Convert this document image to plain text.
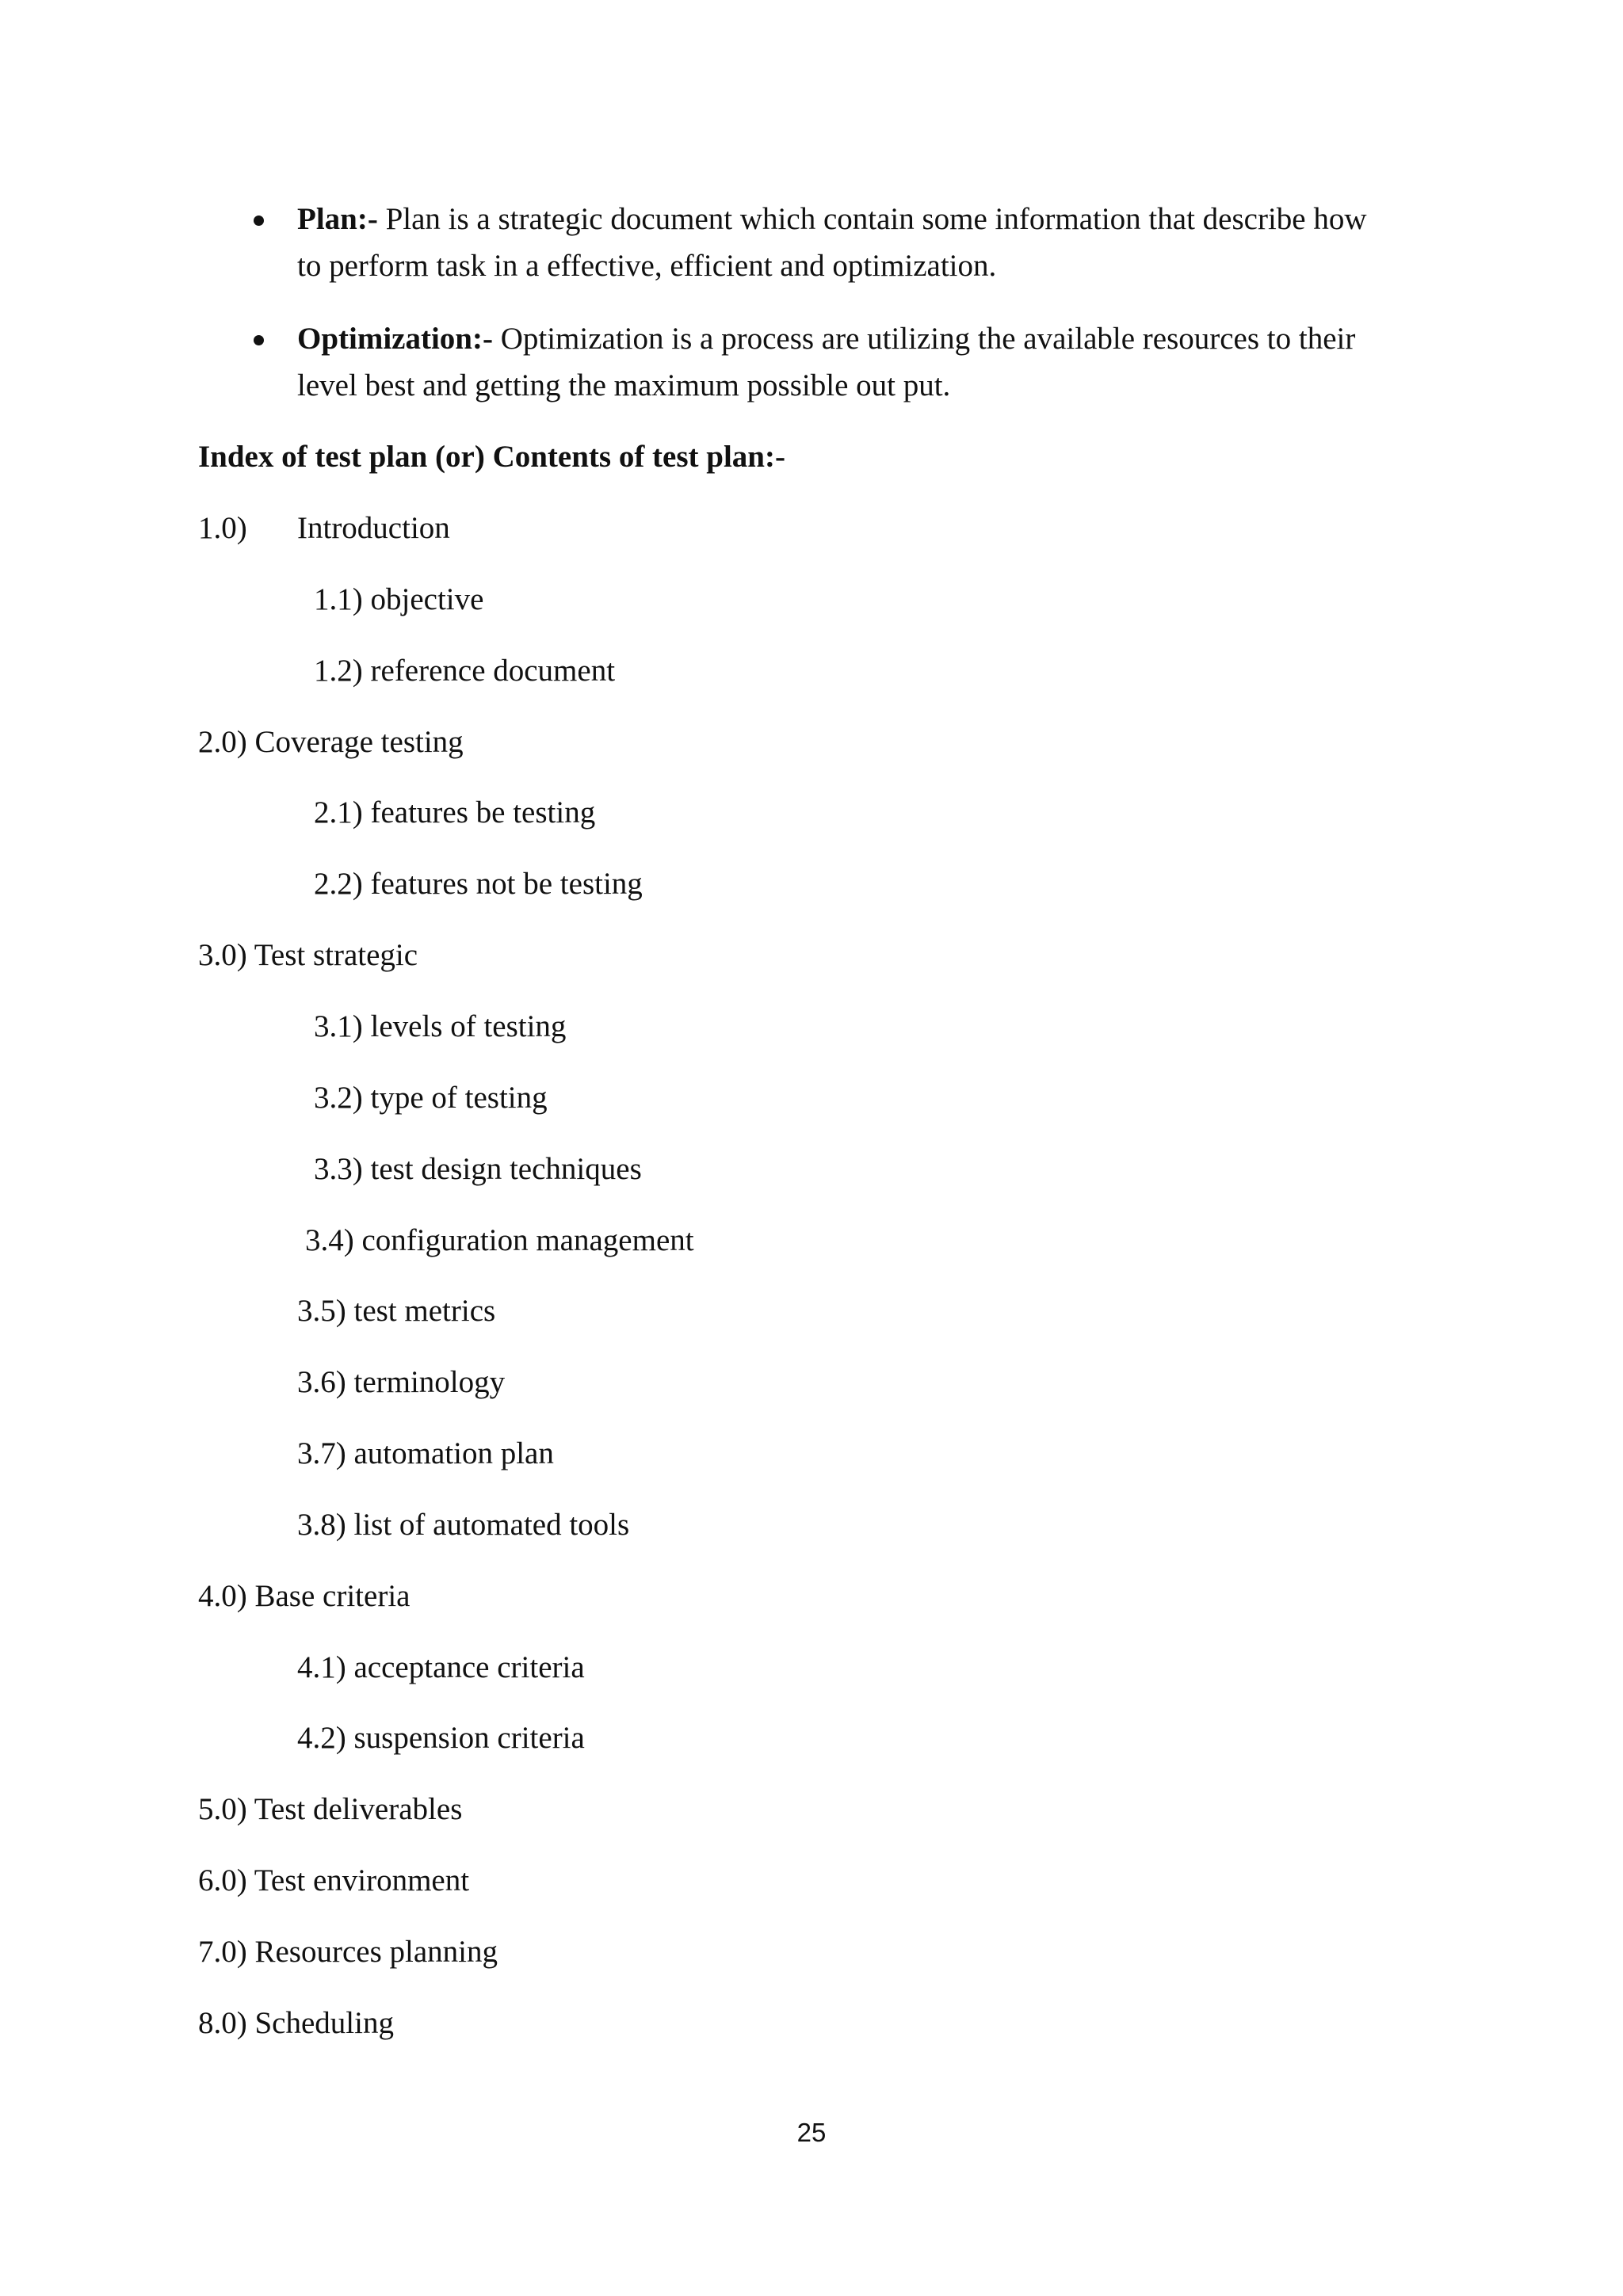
Plan:- Plan is a strategic document which contain some information that describe how
to perform task in a effective, efficient and optimization.
Optimization:- Optimization is a process are utilizing the available resources to their
level best and getting the maximum possible out put.
Index of test plan (or) Contents of test plan:-
1.0) Introduction
1.1) objective
1.2) reference document
2.0) Coverage testing
2.1) features be testing
2.2) features not be testing
3.0) Test strategic
3.1) levels of testing
3.2) type of testing
3.3) test design techniques
3.4) configuration management
3.5) test metrics
3.6) terminology
3.7) automation plan
3.8) list of automated tools
4.0) Base criteria
4.1) acceptance criteria
4.2) suspension criteria
5.0) Test deliverables
6.0) Test environment
7.0) Resources planning
8.0) Scheduling
25
